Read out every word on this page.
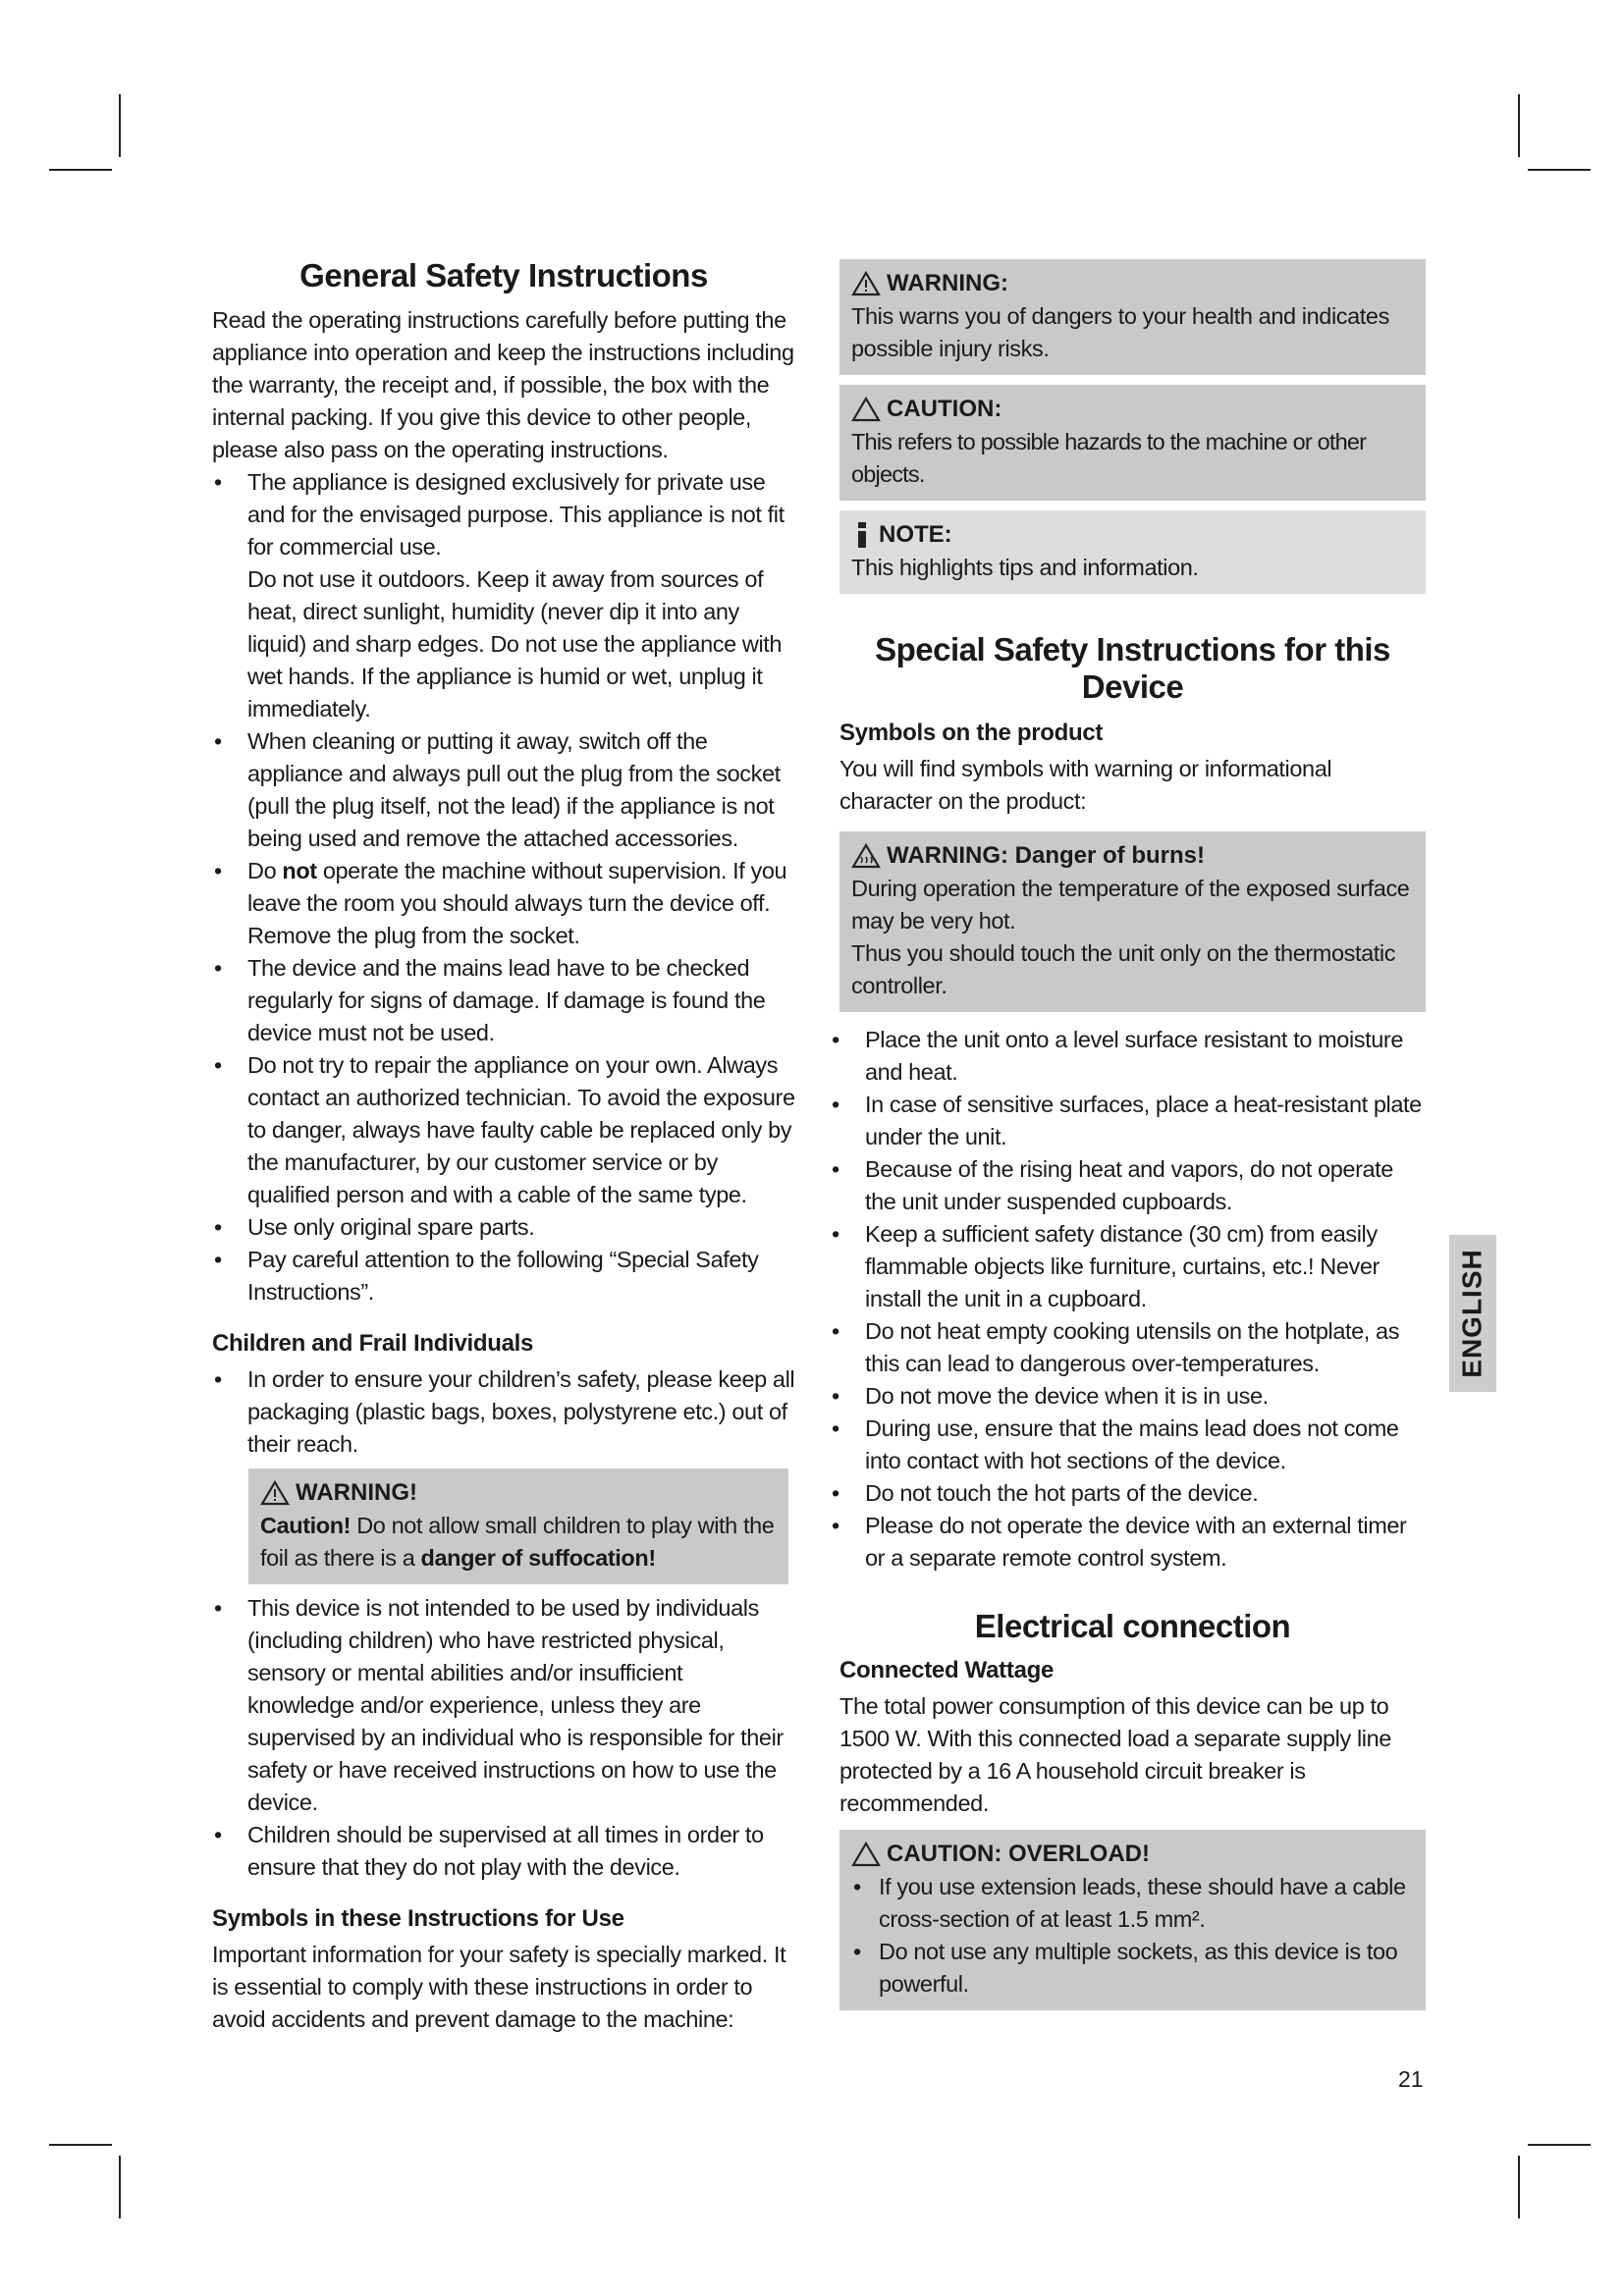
General Safety Instructions

Read the operating instructions carefully before putting the appliance into operation and keep the instructions including the warranty, the receipt and, if possible, the box with the internal packing. If you give this device to other people, please also pass on the operating instructions.

• The appliance is designed exclusively for private use and for the envisaged purpose. This appliance is not fit for commercial use.
Do not use it outdoors. Keep it away from sources of heat, direct sunlight, humidity (never dip it into any liquid) and sharp edges. Do not use the appliance with wet hands. If the appliance is humid or wet, unplug it immediately.
• When cleaning or putting it away, switch off the appliance and always pull out the plug from the socket (pull the plug itself, not the lead) if the appliance is not being used and remove the attached accessories.
• Do not operate the machine without supervision. If you leave the room you should always turn the device off. Remove the plug from the socket.
• The device and the mains lead have to be checked regularly for signs of damage. If damage is found the device must not be used.
• Do not try to repair the appliance on your own. Always contact an authorized technician. To avoid the exposure to danger, always have faulty cable be replaced only by the manufacturer, by our customer service or by qualified person and with a cable of the same type.
• Use only original spare parts.
• Pay careful attention to the following “Special Safety Instructions”.
Children and Frail Individuals
• In order to ensure your children’s safety, please keep all packaging (plastic bags, boxes, polystyrene etc.) out of their reach.
WARNING!
Caution! Do not allow small children to play with the foil as there is a danger of suffocation!
• This device is not intended to be used by individuals (including children) who have restricted physical, sensory or mental abilities and/or insufficient knowledge and/or experience, unless they are supervised by an individual who is responsible for their safety or have received instructions on how to use the device.
• Children should be supervised at all times in order to ensure that they do not play with the device.
Symbols in these Instructions for Use

Important information for your safety is specially marked. It is essential to comply with these instructions in order to avoid accidents and prevent damage to the machine:

WARNING:
This warns you of dangers to your health and indicates possible injury risks.
CAUTION:
This refers to possible hazards to the machine or other objects.
NOTE:
This highlights tips and information.
Special Safety Instructions for this Device
Symbols on the product

You will find symbols with warning or informational character on the product:

WARNING: Danger of burns!
During operation the temperature of the exposed surface may be very hot.
Thus you should touch the unit only on the thermostatic controller.
• Place the unit onto a level surface resistant to moisture and heat.
• In case of sensitive surfaces, place a heat-resistant plate under the unit.
• Because of the rising heat and vapors, do not operate the unit under suspended cupboards.
• Keep a sufficient safety distance (30 cm) from easily flammable objects like furniture, curtains, etc.! Never install the unit in a cupboard.
• Do not heat empty cooking utensils on the hotplate, as this can lead to dangerous over-temperatures.
• Do not move the device when it is in use.
• During use, ensure that the mains lead does not come into contact with hot sections of the device.
• Do not touch the hot parts of the device.
• Please do not operate the device with an external timer or a separate remote control system.
Electrical connection
Connected Wattage

The total power consumption of this device can be up to 1500 W. With this connected load a separate supply line protected by a 16 A household circuit breaker is recommended.

CAUTION: OVERLOAD!
• If you use extension leads, these should have a cable cross-section of at least 1.5 mm².
• Do not use any multiple sockets, as this device is too powerful.
ENGLISH
21
